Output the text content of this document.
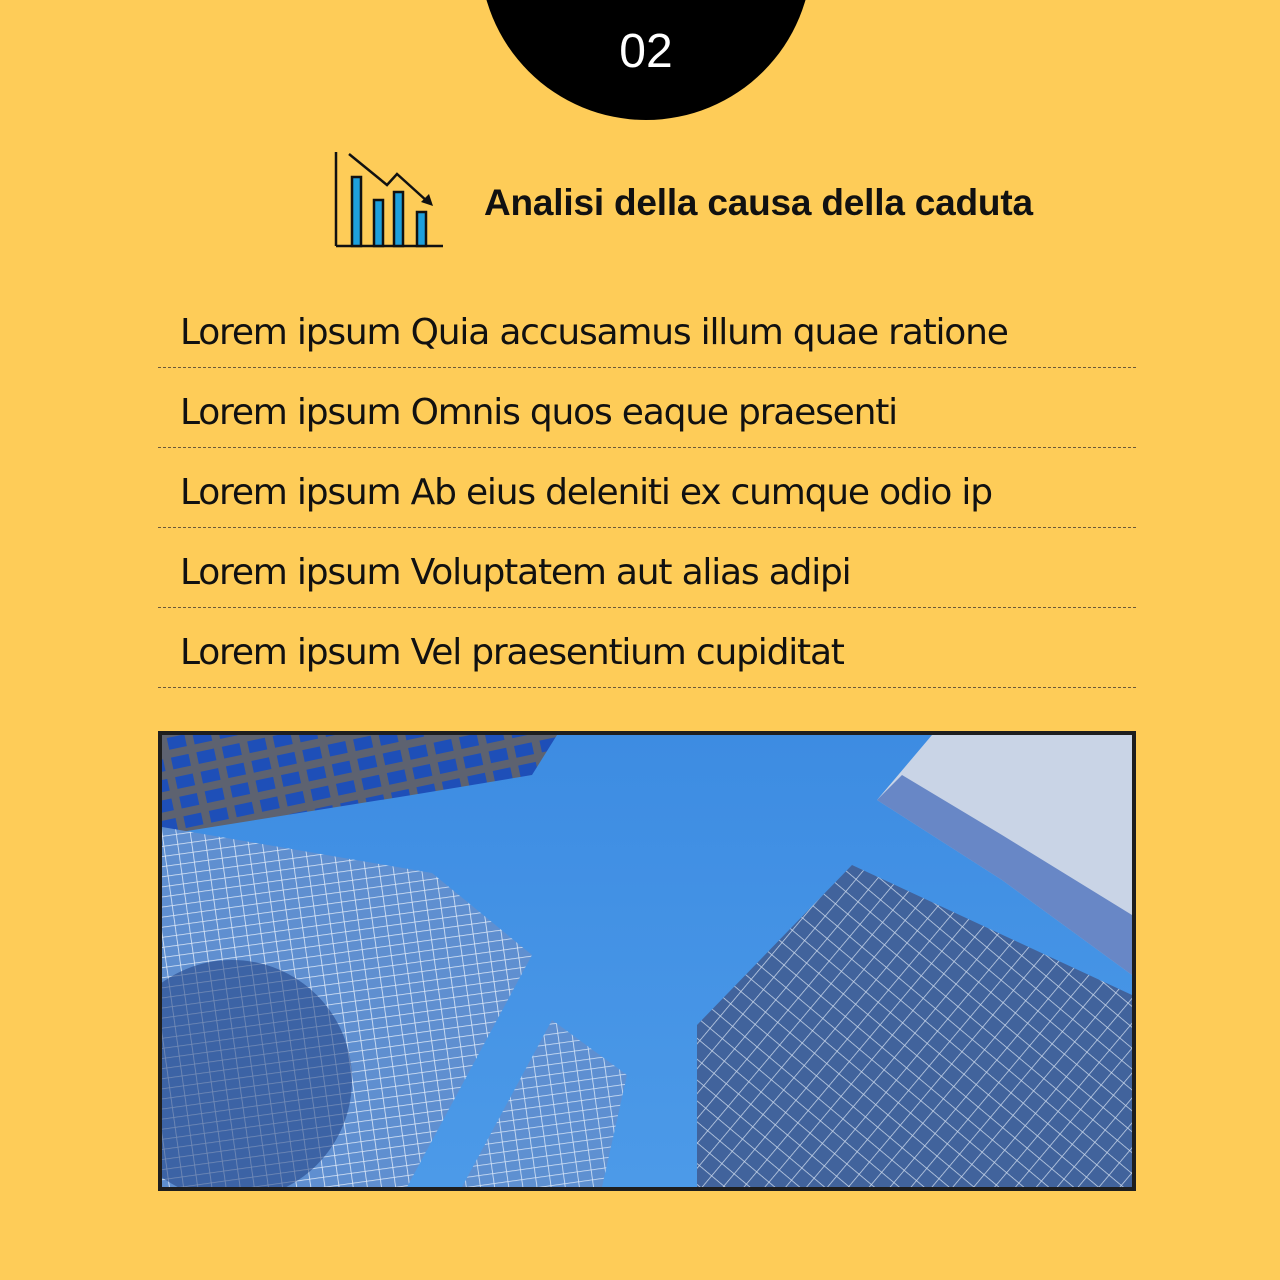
02
Analisi della causa della caduta
Lorem ipsum Quia accusamus illum quae ratione
Lorem ipsum Omnis quos eaque praesenti
Lorem ipsum Ab eius deleniti ex cumque odio ip
Lorem ipsum Voluptatem aut alias adipi
Lorem ipsum Vel praesentium cupiditat
